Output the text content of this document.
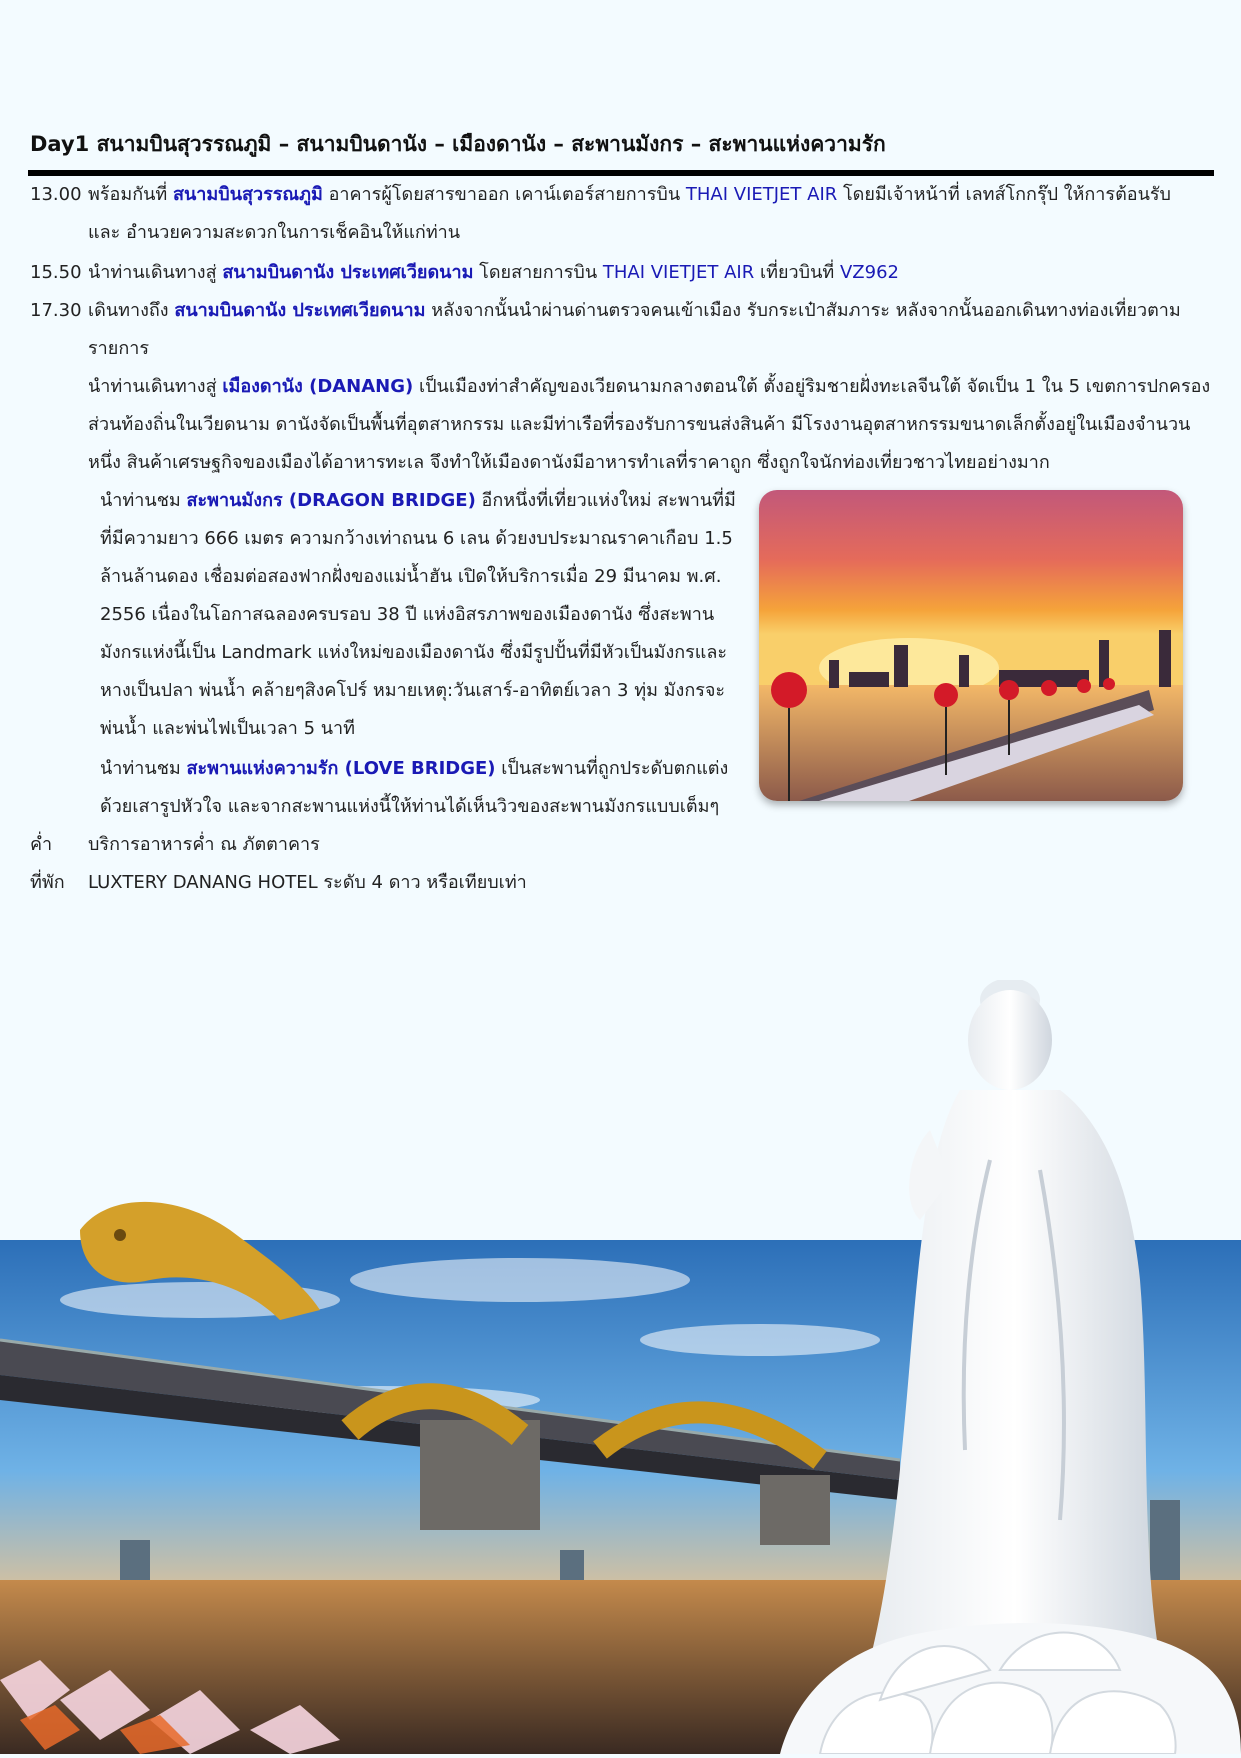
Day1 สนามบินสุวรรณภูมิ – สนามบินดานัง – เมืองดานัง – สะพานมังกร – สะพานแห่งความรัก
13.00 พร้อมกันที่ สนามบินสุวรรณภูมิ อาคารผู้โดยสารขาออก เคาน์เตอร์สายการบิน THAI VIETJET AIR โดยมีเจ้าหน้าที่ เลทส์โกกรุ๊ป ให้การต้อนรับ
และ อำนวยความสะดวกในการเช็คอินให้แก่ท่าน
15.50 นำท่านเดินทางสู่ สนามบินดานัง ประเทศเวียดนาม โดยสายการบิน THAI VIETJET AIR เที่ยวบินที่ VZ962
17.30 เดินทางถึง สนามบินดานัง ประเทศเวียดนาม หลังจากนั้นนำผ่านด่านตรวจคนเข้าเมือง รับกระเป๋าสัมภาระ หลังจากนั้นออกเดินทางท่องเที่ยวตาม
รายการ
นำท่านเดินทางสู่ เมืองดานัง (DANANG) เป็นเมืองท่าสำคัญของเวียดนามกลางตอนใต้ ตั้งอยู่ริมชายฝั่งทะเลจีนใต้ จัดเป็น 1 ใน 5 เขตการปกครอง
ส่วนท้องถิ่นในเวียดนาม ดานังจัดเป็นพื้นที่อุตสาหกรรม และมีท่าเรือที่รองรับการขนส่งสินค้า มีโรงงานอุตสาหกรรมขนาดเล็กตั้งอยู่ในเมืองจำนวน
หนึ่ง สินค้าเศรษฐกิจของเมืองได้อาหารทะเล จึงทำให้เมืองดานังมีอาหารทำเลที่ราคาถูก ซึ่งถูกใจนักท่องเที่ยวชาวไทยอย่างมาก
นำท่านชม สะพานมังกร (DRAGON BRIDGE) อีกหนึ่งที่เที่ยวแห่งใหม่ สะพานที่มี
ที่มีความยาว 666 เมตร ความกว้างเท่าถนน 6 เลน ด้วยงบประมาณราคาเกือบ 1.5
ล้านล้านดอง เชื่อมต่อสองฟากฝั่งของแม่น้ำฮัน เปิดให้บริการเมื่อ 29 มีนาคม พ.ศ.
2556 เนื่องในโอกาสฉลองครบรอบ 38 ปี แห่งอิสรภาพของเมืองดานัง ซึ่งสะพาน
มังกรแห่งนี้เป็น Landmark แห่งใหม่ของเมืองดานัง ซึ่งมีรูปปั้นที่มีหัวเป็นมังกรและ
หางเป็นปลา พ่นน้ำ คล้ายๆสิงคโปร์ หมายเหตุ:วันเสาร์-อาทิตย์เวลา 3 ทุ่ม มังกรจะ
พ่นน้ำ และพ่นไฟเป็นเวลา 5 นาที
นำท่านชม สะพานแห่งความรัก (LOVE BRIDGE) เป็นสะพานที่ถูกประดับตกแต่ง
ด้วยเสารูปหัวใจ และจากสะพานแห่งนี้ให้ท่านได้เห็นวิวของสะพานมังกรแบบเต็มๆ
ค่ำ บริการอาหารค่ำ ณ ภัตตาคาร
ที่พัก LUXTERY DANANG HOTEL ระดับ 4 ดาว หรือเทียบเท่า
